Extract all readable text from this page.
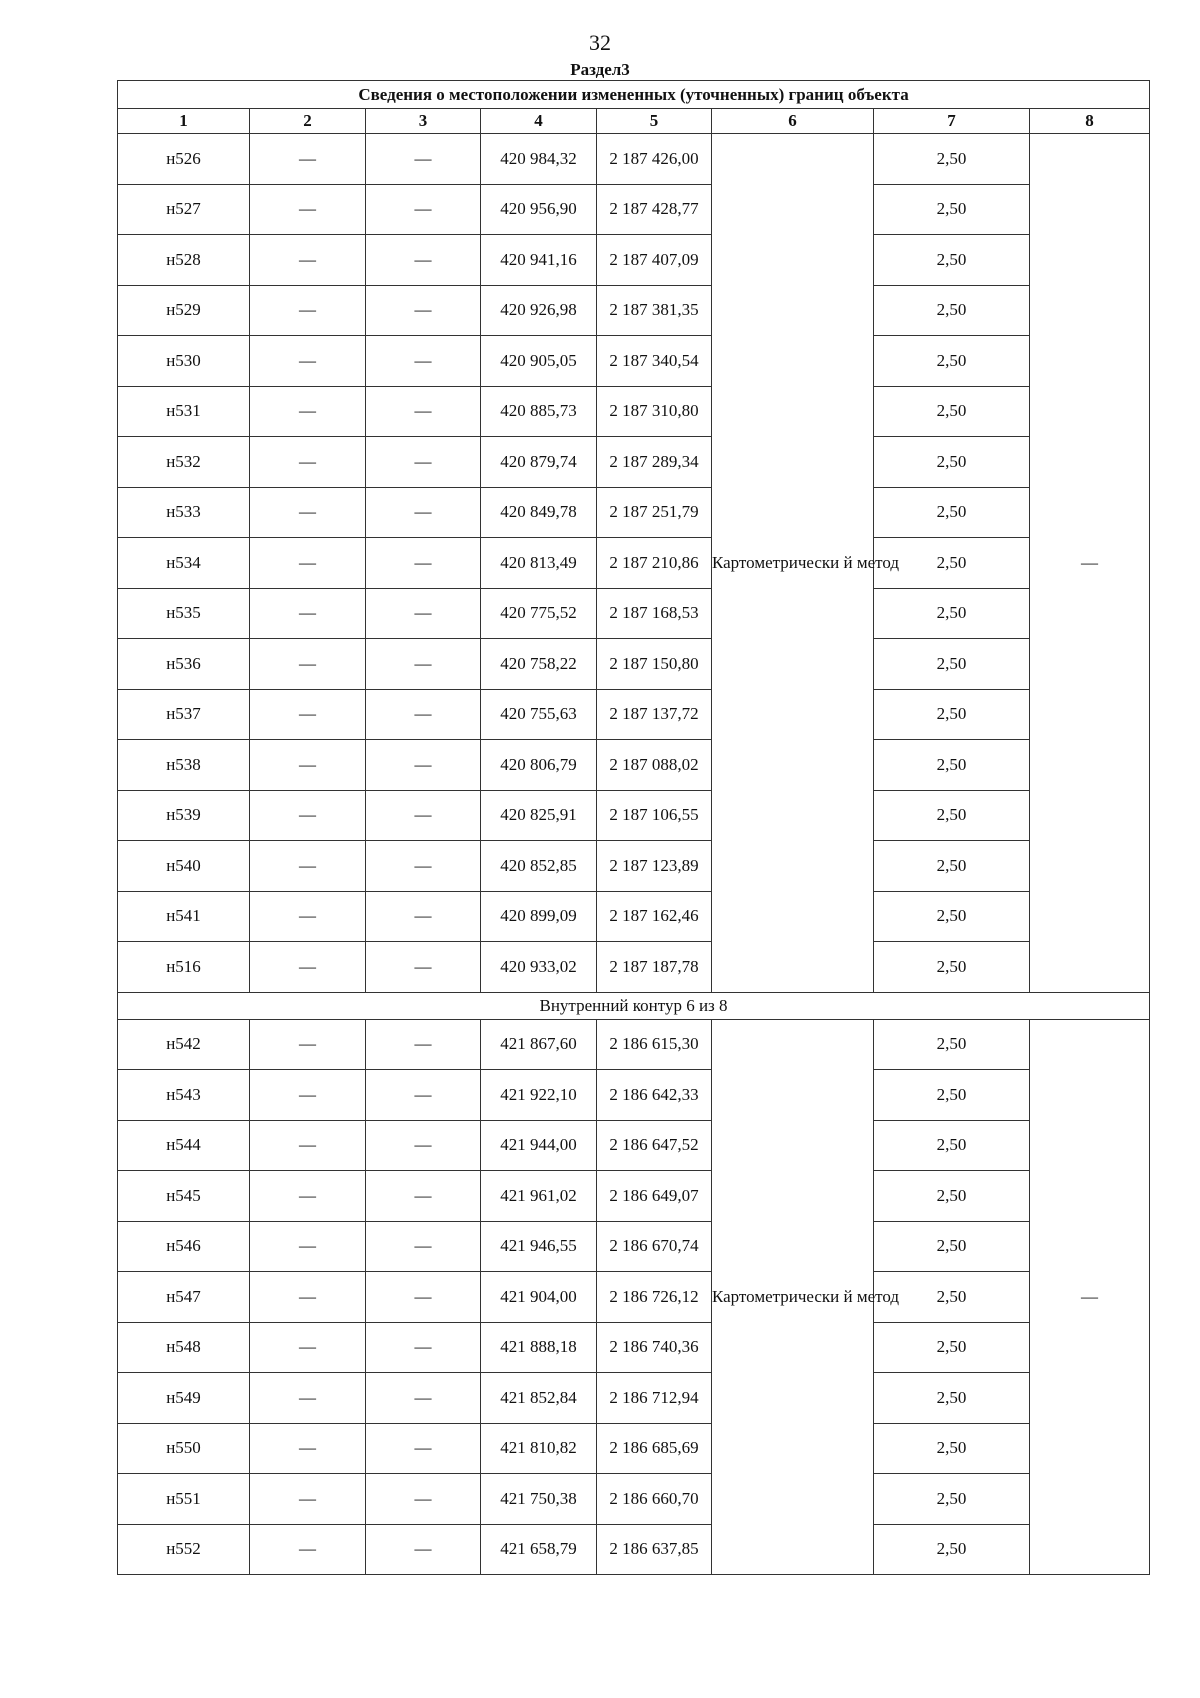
32
Раздел3
Сведения о местоположении измененных (уточненных) границ объекта							
1	2	3	4	5	6	7	8
н526	—	—	420 984,32	2 187 426,00	Картометрически й метод	2,50	—
н527	—	—	420 956,90	2 187 428,77		2,50	
н528	—	—	420 941,16	2 187 407,09		2,50	
н529	—	—	420 926,98	2 187 381,35		2,50	
н530	—	—	420 905,05	2 187 340,54		2,50	
н531	—	—	420 885,73	2 187 310,80		2,50	
н532	—	—	420 879,74	2 187 289,34		2,50	
н533	—	—	420 849,78	2 187 251,79		2,50	
н534	—	—	420 813,49	2 187 210,86		2,50	
н535	—	—	420 775,52	2 187 168,53		2,50	
н536	—	—	420 758,22	2 187 150,80		2,50	
н537	—	—	420 755,63	2 187 137,72		2,50	
н538	—	—	420 806,79	2 187 088,02		2,50	
н539	—	—	420 825,91	2 187 106,55		2,50	
н540	—	—	420 852,85	2 187 123,89		2,50	
н541	—	—	420 899,09	2 187 162,46		2,50	
н516	—	—	420 933,02	2 187 187,78		2,50	
Внутренний контур 6 из 8							
н542	—	—	421 867,60	2 186 615,30	Картометрически й метод	2,50	—
н543	—	—	421 922,10	2 186 642,33		2,50	
н544	—	—	421 944,00	2 186 647,52		2,50	
н545	—	—	421 961,02	2 186 649,07		2,50	
н546	—	—	421 946,55	2 186 670,74		2,50	
н547	—	—	421 904,00	2 186 726,12		2,50	
н548	—	—	421 888,18	2 186 740,36		2,50	
н549	—	—	421 852,84	2 186 712,94		2,50	
н550	—	—	421 810,82	2 186 685,69		2,50	
н551	—	—	421 750,38	2 186 660,70		2,50	
н552	—	—	421 658,79	2 186 637,85		2,50	
